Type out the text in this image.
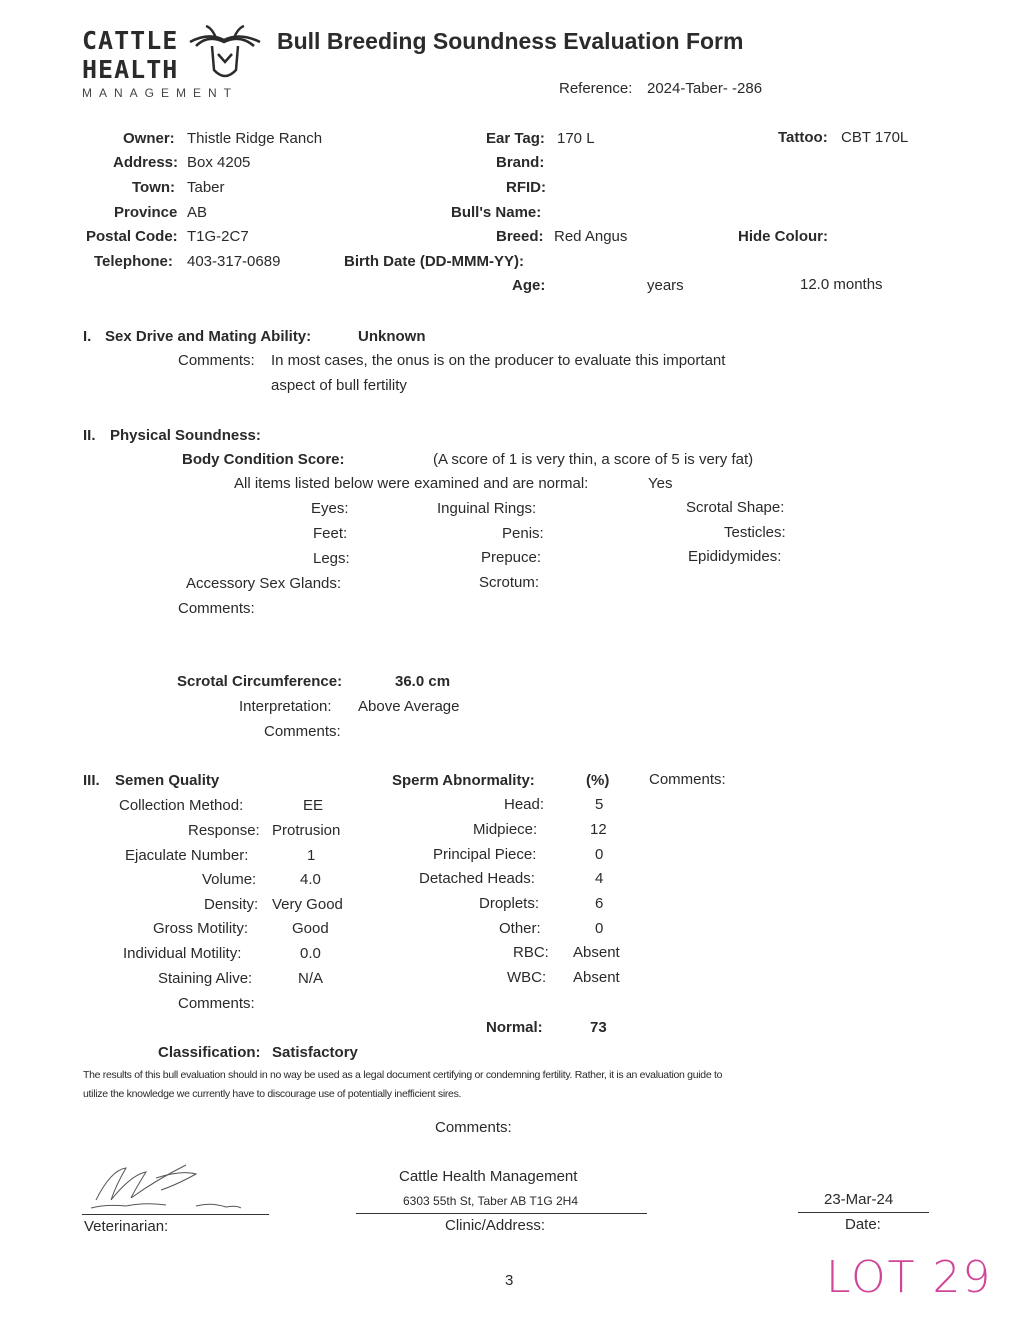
CATTLE
HEALTH
MANAGEMENT
Bull Breeding Soundness Evaluation Form
Reference: 2024-Taber- -286
Owner: Thistle Ridge Ranch
Address: Box 4205
Town: Taber
Province AB
Postal Code: T1G-2C7
Telephone: 403-317-0689
Ear Tag: 170 L
Brand:
RFID:
Bull's Name:
Breed: Red Angus
Birth Date (DD-MMM-YY):
Age:	years	12.0 months
Tattoo: CBT 170L
Hide Colour:
I. Sex Drive and Mating Ability:	Unknown
Comments: In most cases, the onus is on the producer to evaluate this important
aspect of bull fertility
II. Physical Soundness:
Body Condition Score:	(A score of 1 is very thin, a score of 5 is very fat)
All items listed below were examined and are normal:	Yes
Eyes:
Feet:
Legs:
Accessory Sex Glands:
Comments:
Inguinal Rings:
Penis:
Prepuce:
Scrotum:
Scrotal Shape:
Testicles:
Epididymides:
Scrotal Circumference:	36.0 cm
Interpretation: Above Average
Comments:
III. Semen Quality
Collection Method:	EE
Response: Protrusion
Ejaculate Number:	1
Volume:	4.0
Density: Very Good
Gross Motility:	Good
Individual Motility:	0.0
Staining Alive:	N/A
Comments:
Sperm Abnormality:	(%)	Comments:
Head:	5
Midpiece:	12
Principal Piece:	0
Detached Heads:	4
Droplets:	6
Other:	0
RBC: Absent
WBC: Absent
Normal:	73
Classification: Satisfactory
The results of this bull evaluation should in no way be used as a legal document certifying or condemning fertility. Rather, it is an evaluation guide to
utilize the knowledge we currently have to discourage use of potentially inefficient sires.
Comments:
Veterinarian:
Cattle Health Management
6303 55th St, Taber AB T1G 2H4
Clinic/Address:
23-Mar-24
Date:
3	LOT 29
